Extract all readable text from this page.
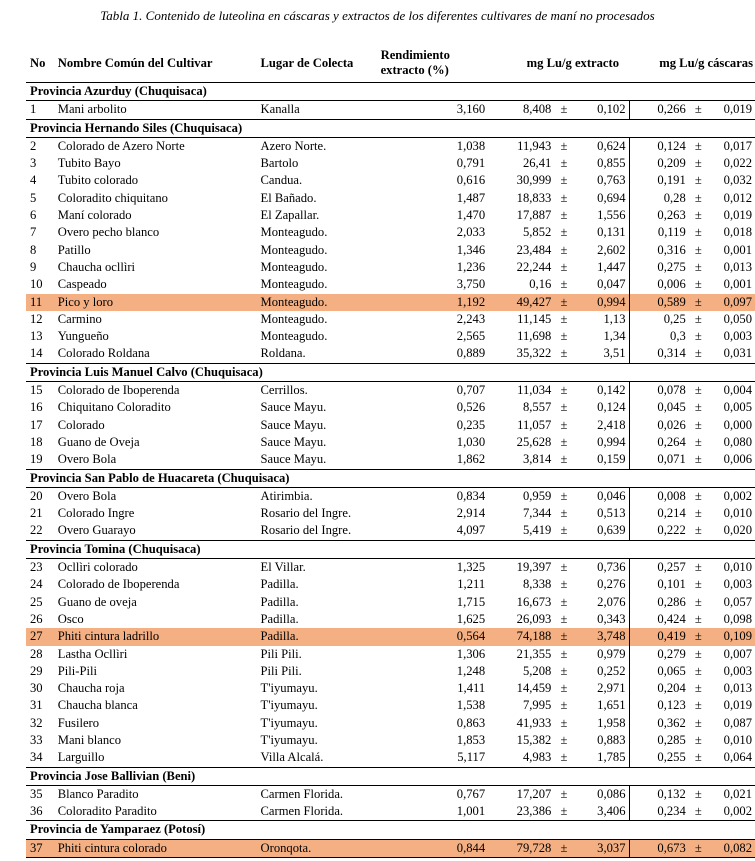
Tabla 1. Contenido de luteolina en cáscaras y extractos de los diferentes cultivares de maní no procesados
No	Nombre Común del Cultivar	Lugar de Colecta	Rendimiento extracto (%)	mg Lu/g extracto			mg Lu/g cáscaras		
Provincia Azurduy (Chuquisaca)									
1	Mani arbolito	Kanalla	3,160	8,408	±	0,102	0,266	±	0,019
Provincia Hernando Siles (Chuquisaca)									
2	Colorado de Azero Norte	Azero Norte.	1,038	11,943	±	0,624	0,124	±	0,017
3	Tubito Bayo	Bartolo	0,791	26,41	±	0,855	0,209	±	0,022
4	Tubito colorado	Candua.	0,616	30,999	±	0,763	0,191	±	0,032
5	Coloradito chiquitano	El Bañado.	1,487	18,833	±	0,694	0,28	±	0,012
6	Maní colorado	El Zapallar.	1,470	17,887	±	1,556	0,263	±	0,019
7	Overo pecho blanco	Monteagudo.	2,033	5,852	±	0,131	0,119	±	0,018
8	Patillo	Monteagudo.	1,346	23,484	±	2,602	0,316	±	0,001
9	Chaucha ocllìri	Monteagudo.	1,236	22,244	±	1,447	0,275	±	0,013
10	Caspeado	Monteagudo.	3,750	0,16	±	0,047	0,006	±	0,001
11	Pico y loro	Monteagudo.	1,192	49,427	±	0,994	0,589	±	0,097
12	Carmino	Monteagudo.	2,243	11,145	±	1,13	0,25	±	0,050
13	Yungueño	Monteagudo.	2,565	11,698	±	1,34	0,3	±	0,003
14	Colorado Roldana	Roldana.	0,889	35,322	±	3,51	0,314	±	0,031
Provincia Luis Manuel Calvo (Chuquisaca)									
15	Colorado de Iboperenda	Cerrillos.	0,707	11,034	±	0,142	0,078	±	0,004
16	Chiquitano Coloradito	Sauce Mayu.	0,526	8,557	±	0,124	0,045	±	0,005
17	Colorado	Sauce Mayu.	0,235	11,057	±	2,418	0,026	±	0,000
18	Guano de Oveja	Sauce Mayu.	1,030	25,628	±	0,994	0,264	±	0,080
19	Overo Bola	Sauce Mayu.	1,862	3,814	±	0,159	0,071	±	0,006
Provincia San Pablo de Huacareta (Chuquisaca)									
20	Overo Bola	Atirimbia.	0,834	0,959	±	0,046	0,008	±	0,002
21	Colorado Ingre	Rosario del Ingre.	2,914	7,344	±	0,513	0,214	±	0,010
22	Overo Guarayo	Rosario del Ingre.	4,097	5,419	±	0,639	0,222	±	0,020
Provincia Tomina (Chuquisaca)									
23	Ocllìri colorado	El Villar.	1,325	19,397	±	0,736	0,257	±	0,010
24	Colorado de Iboperenda	Padilla.	1,211	8,338	±	0,276	0,101	±	0,003
25	Guano de oveja	Padilla.	1,715	16,673	±	2,076	0,286	±	0,057
26	Osco	Padilla.	1,625	26,093	±	0,343	0,424	±	0,098
27	Phiti cintura ladrillo	Padilla.	0,564	74,188	±	3,748	0,419	±	0,109
28	Lastha Ocllìri	Pili Pili.	1,306	21,355	±	0,979	0,279	±	0,007
29	Pili-Pili	Pili Pili.	1,248	5,208	±	0,252	0,065	±	0,003
30	Chaucha roja	T'iyumayu.	1,411	14,459	±	2,971	0,204	±	0,013
31	Chaucha blanca	T'iyumayu.	1,538	7,995	±	1,651	0,123	±	0,019
32	Fusilero	T'iyumayu.	0,863	41,933	±	1,958	0,362	±	0,087
33	Mani blanco	T'iyumayu.	1,853	15,382	±	0,883	0,285	±	0,010
34	Larguillo	Villa Alcalá.	5,117	4,983	±	1,785	0,255	±	0,064
Provincia Jose Ballivian (Beni)									
35	Blanco Paradito	Carmen Florida.	0,767	17,207	±	0,086	0,132	±	0,021
36	Coloradito Paradito	Carmen Florida.	1,001	23,386	±	3,406	0,234	±	0,002
Provincia de Yamparaez (Potosí)									
37	Phiti cintura colorado	Oronqota.	0,844	79,728	±	3,037	0,673	±	0,082
